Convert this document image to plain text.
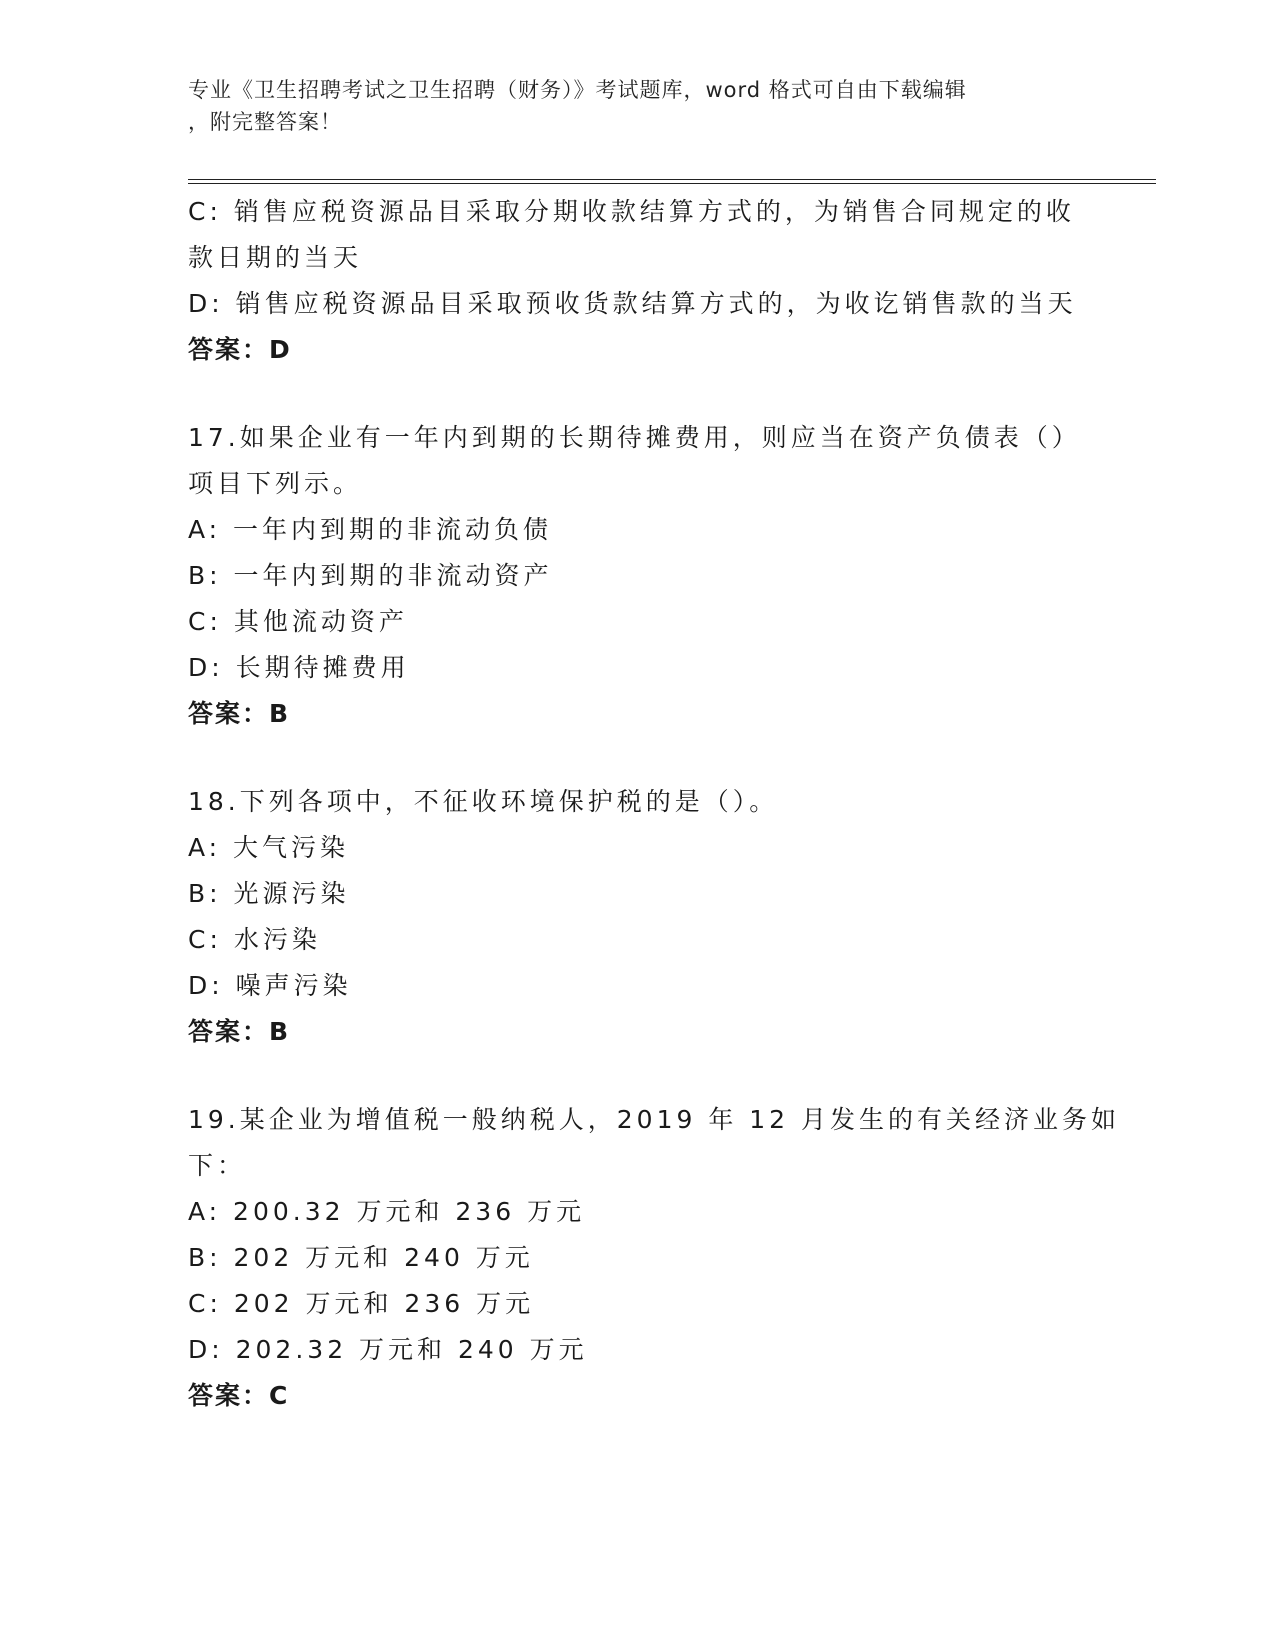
专业《卫生招聘考试之卫生招聘（财务）》考试题库，word 格式可自由下载编辑
，附完整答案！
C: 销售应税资源品目采取分期收款结算方式的，为销售合同规定的收
款日期的当天
D: 销售应税资源品目采取预收货款结算方式的，为收讫销售款的当天
答案：D
17.如果企业有一年内到期的长期待摊费用，则应当在资产负债表（）
项目下列示。
A: 一年内到期的非流动负债
B: 一年内到期的非流动资产
C: 其他流动资产
D: 长期待摊费用
答案：B
18.下列各项中，不征收环境保护税的是（）。
A: 大气污染
B: 光源污染
C: 水污染
D: 噪声污染
答案：B
19.某企业为增值税一般纳税人，2019 年 12 月发生的有关经济业务如
下：
A: 200.32 万元和 236 万元
B: 202 万元和 240 万元
C: 202 万元和 236 万元
D: 202.32 万元和 240 万元
答案：C
